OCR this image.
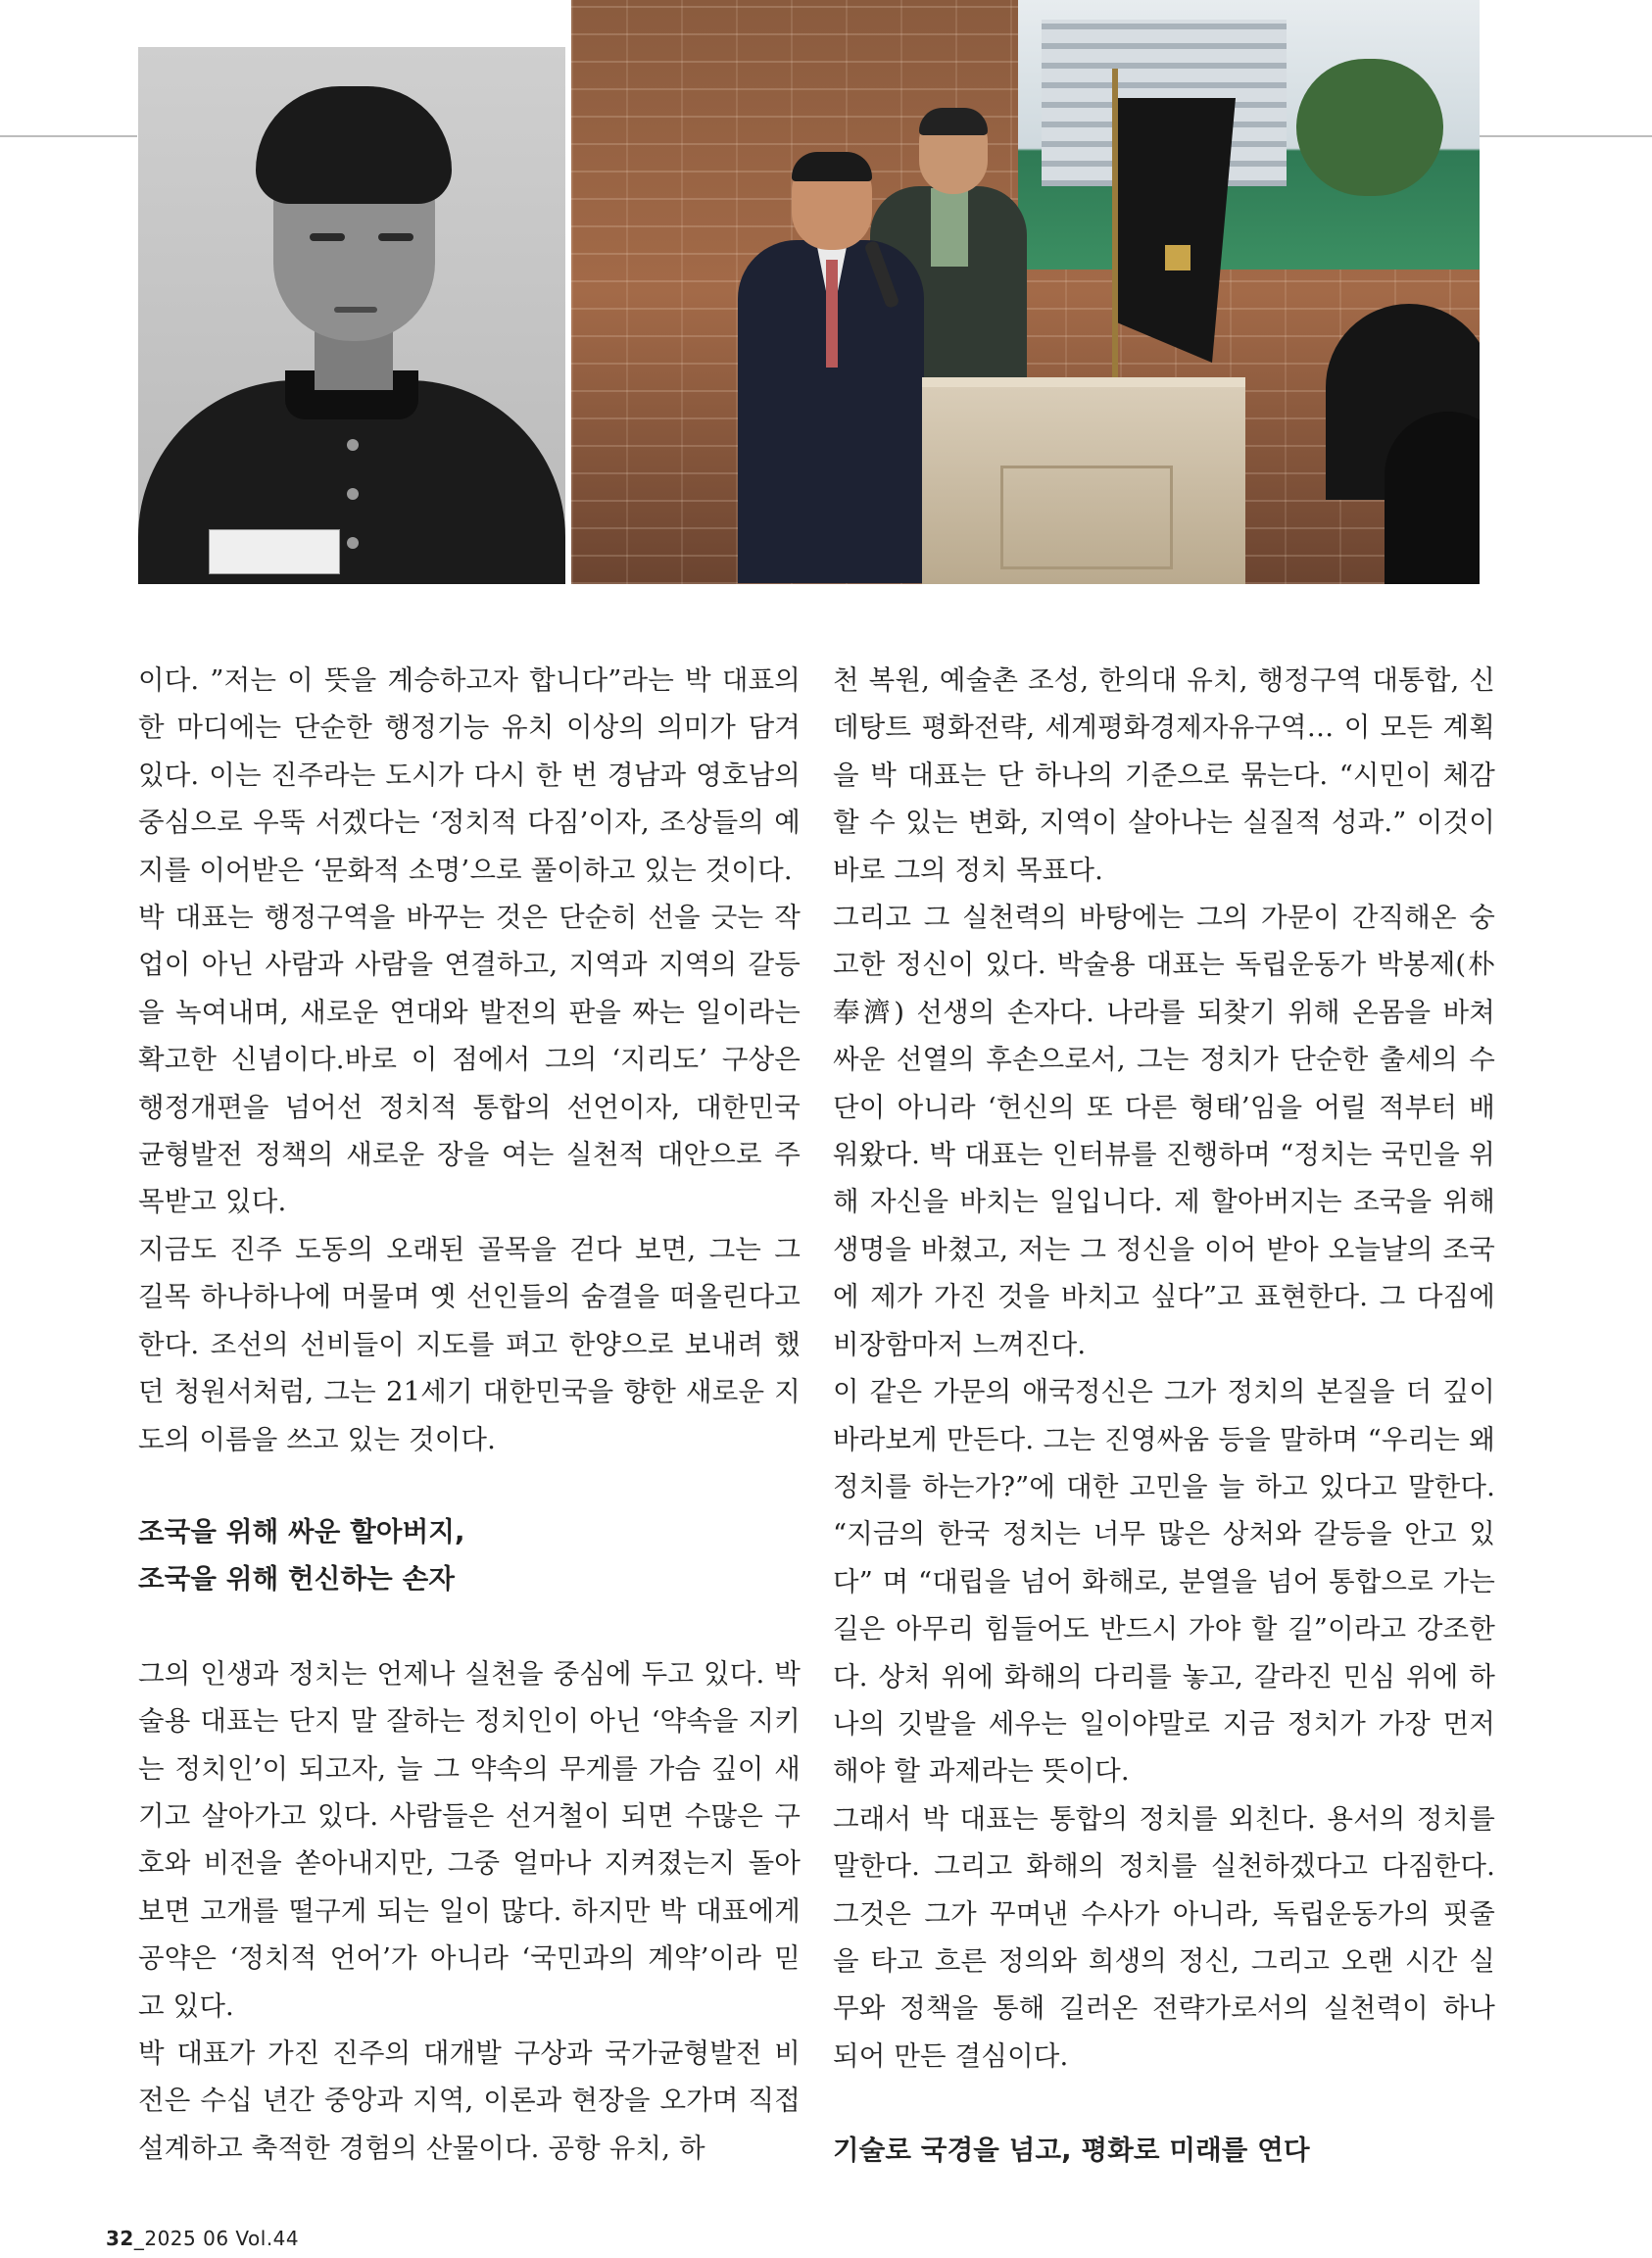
이다. ”저는 이 뜻을 계승하고자 합니다”라는 박 대표의 한 마디에는 단순한 행정기능 유치 이상의 의미가 담겨 있다. 이는 진주라는 도시가 다시 한 번 경남과 영호남의 중심으로 우뚝 서겠다는 ‘정치적 다짐’이자, 조상들의 예지를 이어받은 ‘문화적 소명’으로 풀이하고 있는 것이다.

박 대표는 행정구역을 바꾸는 것은 단순히 선을 긋는 작업이 아닌 사람과 사람을 연결하고, 지역과 지역의 갈등을 녹여내며, 새로운 연대와 발전의 판을 짜는 일이라는 확고한 신념이다.바로 이 점에서 그의 ‘지리도’ 구상은 행정개편을 넘어선 정치적 통합의 선언이자, 대한민국 균형발전 정책의 새로운 장을 여는 실천적 대안으로 주목받고 있다.

지금도 진주 도동의 오래된 골목을 걷다 보면, 그는 그 길목 하나하나에 머물며 옛 선인들의 숨결을 떠올린다고 한다. 조선의 선비들이 지도를 펴고 한양으로 보내려 했던 청원서처럼, 그는 21세기 대한민국을 향한 새로운 지도의 이름을 쓰고 있는 것이다.

조국을 위해 싸운 할아버지,

조국을 위해 헌신하는 손자

그의 인생과 정치는 언제나 실천을 중심에 두고 있다. 박술용 대표는 단지 말 잘하는 정치인이 아닌 ‘약속을 지키는 정치인’이 되고자, 늘 그 약속의 무게를 가슴 깊이 새기고 살아가고 있다. 사람들은 선거철이 되면 수많은 구호와 비전을 쏟아내지만, 그중 얼마나 지켜졌는지 돌아보면 고개를 떨구게 되는 일이 많다. 하지만 박 대표에게 공약은 ‘정치적 언어’가 아니라 ‘국민과의 계약’이라 믿고 있다.

박 대표가 가진 진주의 대개발 구상과 국가균형발전 비전은 수십 년간 중앙과 지역, 이론과 현장을 오가며 직접 설계하고 축적한 경험의 산물이다. 공항 유치, 하

천 복원, 예술촌 조성, 한의대 유치, 행정구역 대통합, 신데탕트 평화전략, 세계평화경제자유구역… 이 모든 계획을 박 대표는 단 하나의 기준으로 묶는다. “시민이 체감할 수 있는 변화, 지역이 살아나는 실질적 성과.” 이것이 바로 그의 정치 목표다.

그리고 그 실천력의 바탕에는 그의 가문이 간직해온 숭고한 정신이 있다. 박술용 대표는 독립운동가 박봉제(朴奉濟) 선생의 손자다. 나라를 되찾기 위해 온몸을 바쳐 싸운 선열의 후손으로서, 그는 정치가 단순한 출세의 수단이 아니라 ‘헌신의 또 다른 형태’임을 어릴 적부터 배워왔다. 박 대표는 인터뷰를 진행하며 “정치는 국민을 위해 자신을 바치는 일입니다. 제 할아버지는 조국을 위해 생명을 바쳤고, 저는 그 정신을 이어 받아 오늘날의 조국에 제가 가진 것을 바치고 싶다”고 표현한다. 그 다짐에 비장함마저 느껴진다.

이 같은 가문의 애국정신은 그가 정치의 본질을 더 깊이 바라보게 만든다. 그는 진영싸움 등을 말하며 “우리는 왜 정치를 하는가?”에 대한 고민을 늘 하고 있다고 말한다. “지금의 한국 정치는 너무 많은 상처와 갈등을 안고 있다” 며 “대립을 넘어 화해로, 분열을 넘어 통합으로 가는 길은 아무리 힘들어도 반드시 가야 할 길”이라고 강조한다. 상처 위에 화해의 다리를 놓고, 갈라진 민심 위에 하나의 깃발을 세우는 일이야말로 지금 정치가 가장 먼저 해야 할 과제라는 뜻이다.

그래서 박 대표는 통합의 정치를 외친다. 용서의 정치를 말한다. 그리고 화해의 정치를 실천하겠다고 다짐한다. 그것은 그가 꾸며낸 수사가 아니라, 독립운동가의 핏줄을 타고 흐른 정의와 희생의 정신, 그리고 오랜 시간 실무와 정책을 통해 길러온 전략가로서의 실천력이 하나 되어 만든 결심이다.

기술로 국경을 넘고, 평화로 미래를 연다

32_2025 06 Vol.44
